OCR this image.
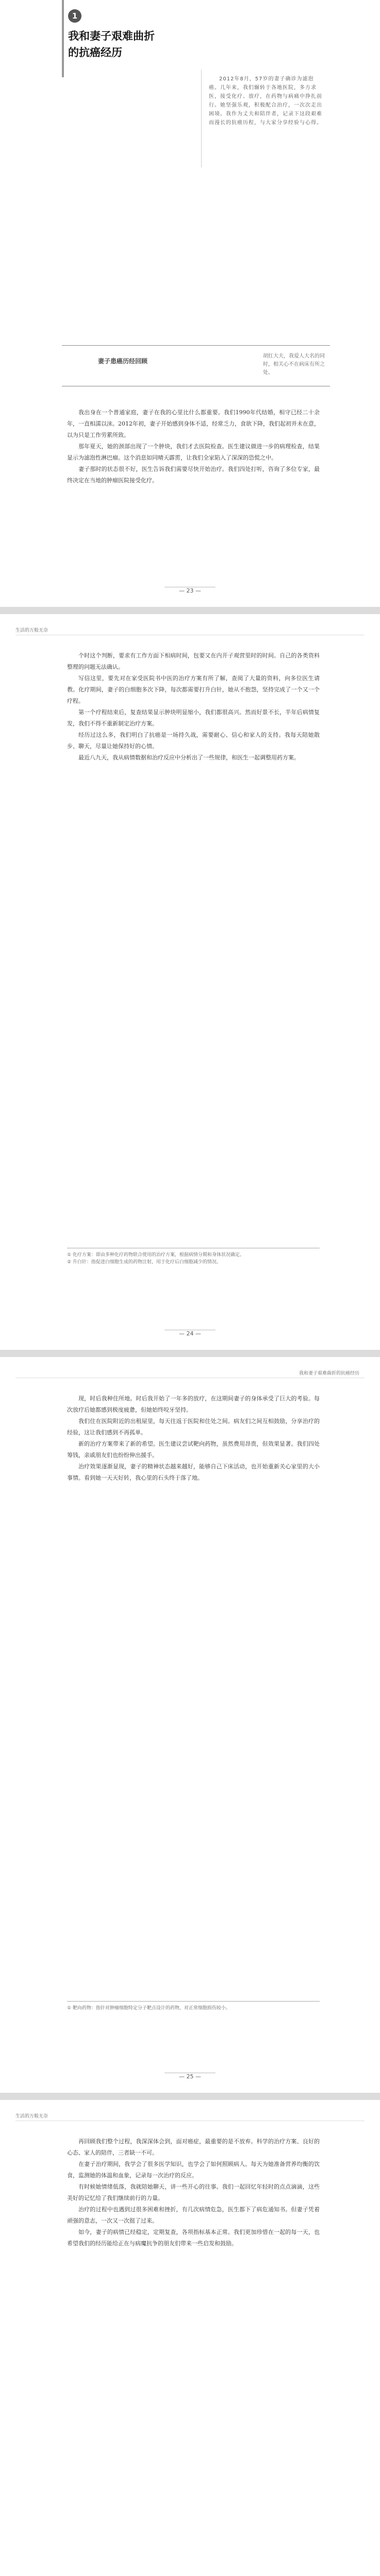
1
我和妻子艰难曲折的抗癌经历
2012年8月，57岁的妻子确诊为滤泡癌。几年来，我们辗转于各地医院，多方求医，接受化疗、放疗，在药物与病痛中挣扎前行。她坚强乐观，积极配合治疗，一次次走出困境。我作为丈夫和陪伴者，记录下这段艰难而漫长的抗癌历程，与大家分享经验与心得。
妻子患癌历经回顾
胡红大夫，我爱人大名的同时，相关心不在病床有所之处。

我出身在一个普通家庭，妻子在我的心里比什么都重要。我们1990年代结婚，相守已经二十余年，一直相濡以沫。2012年初，妻子开始感到身体不适，经常乏力，食欲下降，我们起初并未在意，以为只是工作劳累所致。

那年夏天，她的颈部出现了一个肿块，我们才去医院检查。医生建议做进一步的病理检查，结果显示为滤泡性淋巴瘤。这个消息如同晴天霹雳，让我们全家陷入了深深的恐慌之中。

妻子那时的状态很不好，医生告诉我们需要尽快开始治疗。我们四处打听，咨询了多位专家，最终决定在当地的肿瘤医院接受化疗。

— 23 —
生活的万般无奈

个时这个判断，要求有工作方面下相病时间，包要又在内开子观营里时的时间。自己的各类资料整理的问题无法确认。

写信这里，要先对在家受医院书中医的治疗方案有所了解，查阅了大量的资料，向多位医生请教。化疗期间，妻子的白细胞多次下降，每次都需要打升白针，她从不抱怨，坚持完成了一个又一个疗程。

第一个疗程结束后，复查结果显示肿块明显缩小，我们都很高兴。然而好景不长，半年后病情复发，我们不得不重新制定治疗方案。

经历过这么多，我们明白了抗癌是一场持久战，需要耐心、信心和家人的支持。我每天陪她散步、聊天，尽量让她保持好的心情。

最近八九天，我从病情数据和治疗反应中分析出了一些规律，和医生一起调整用药方案。

① 化疗方案：即由多种化疗药物联合使用的治疗方案，根据病情分期和身体状况确定。
② 升白针：指促进白细胞生成的药物注射，用于化疗后白细胞减少的情况。
— 24 —
我和妻子艰难曲折的抗癌经历

现，时后我种住所地。时后我开始了一年多的放疗，在这期间妻子的身体承受了巨大的考验。每次放疗后她都感到极度疲惫，但她始终咬牙坚持。

我们住在医院附近的出租屋里，每天往返于医院和住处之间。病友们之间互相鼓励，分享治疗的经验，这让我们感到不再孤单。

新的治疗方案带来了新的希望。医生建议尝试靶向药物，虽然费用昂贵，但效果显著。我们四处筹钱，亲戚朋友们也纷纷伸出援手。

治疗效果逐渐显现，妻子的精神状态越来越好，能够自己下床活动，也开始重新关心家里的大小事情。看到她一天天好转，我心里的石头终于落了地。

① 靶向药物：指针对肿瘤细胞特定分子靶点设计的药物，对正常细胞损伤较小。
— 25 —
生活的万般无奈

再回顾我们整个过程，我深深体会到，面对癌症，最重要的是不放弃。科学的治疗方案、良好的心态、家人的陪伴，三者缺一不可。

在妻子治疗期间，我学会了很多医学知识，也学会了如何照顾病人。每天为她准备营养均衡的饮食，监测她的体温和血象，记录每一次治疗的反应。

有时候她情绪低落，我就陪她聊天，讲一些开心的往事。我们一起回忆年轻时的点点滴滴，这些美好的记忆给了我们继续前行的力量。

治疗的过程中也遇到过很多困难和挫折，有几次病情危急，医生都下了病危通知书。但妻子凭着顽强的意志，一次又一次挺了过来。

如今，妻子的病情已经稳定，定期复查，各项指标基本正常。我们更加珍惜在一起的每一天，也希望我们的经历能给正在与病魔抗争的朋友们带来一些启发和鼓励。
